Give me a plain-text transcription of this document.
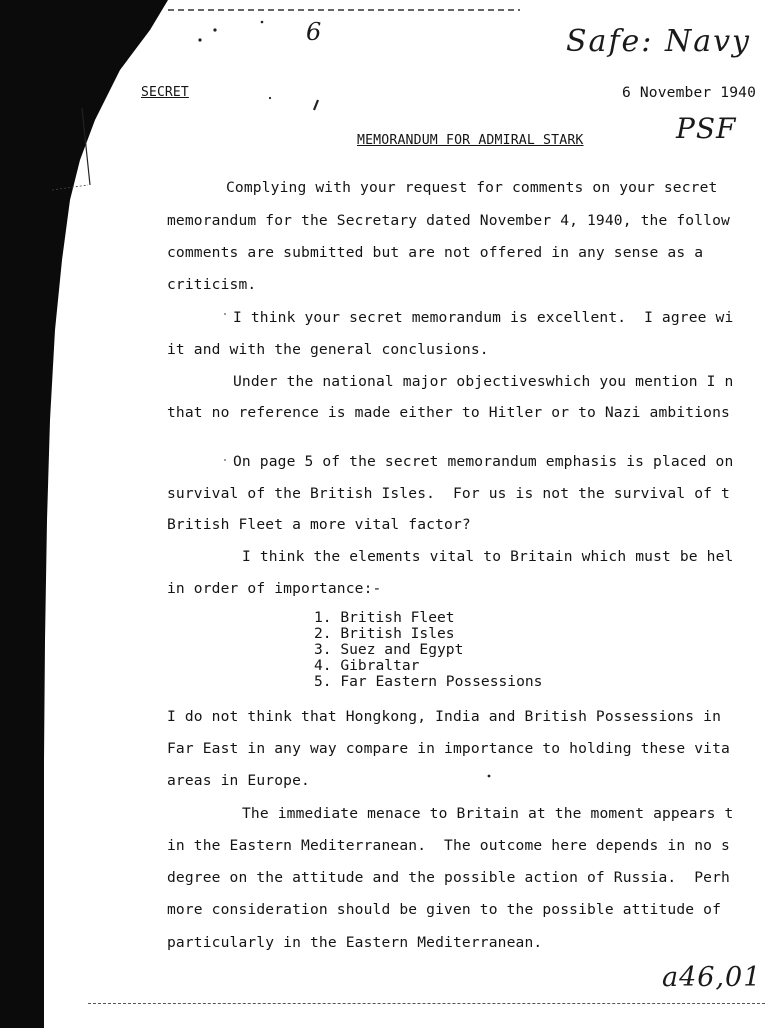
6	Safe: Navy
PSF
a46,01
SECRET	6 November 1940
MEMORANDUM FOR ADMIRAL STARK
Complying with your request for comments on your secret
memorandum for the Secretary dated November 4, 1940, the follow
comments are submitted but are not offered in any sense as a
criticism.
I think your secret memorandum is excellent.  I agree wi
it and with the general conclusions.
Under the national major objectiveswhich you mention I n
that no reference is made either to Hitler or to Nazi ambitions
On page 5 of the secret memorandum emphasis is placed on
survival of the British Isles.  For us is not the survival of t
British Fleet a more vital factor?
I think the elements vital to Britain which must be hel
in order of importance:-
1. British Fleet
2. British Isles
3. Suez and Egypt
4. Gibraltar
5. Far Eastern Possessions
I do not think that Hongkong, India and British Possessions in
Far East in any way compare in importance to holding these vita
areas in Europe.
The immediate menace to Britain at the moment appears t
in the Eastern Mediterranean.  The outcome here depends in no s
degree on the attitude and the possible action of Russia.  Perh
more consideration should be given to the possible attitude of
particularly in the Eastern Mediterranean.
